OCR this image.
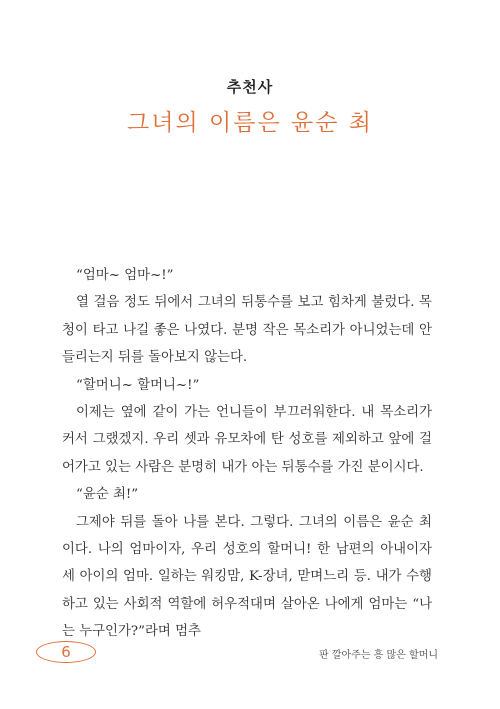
추천사
그녀의 이름은 윤순 최

“엄마~ 엄마~!”

열 걸음 정도 뒤에서 그녀의 뒤통수를 보고 힘차게 불렀다. 목청이 타고 나길 좋은 나였다. 분명 작은 목소리가 아니었는데 안 들리는지 뒤를 돌아보지 않는다.

“할머니~ 할머니~!”

이제는 옆에 같이 가는 언니들이 부끄러워한다. 내 목소리가 커서 그랬겠지. 우리 셋과 유모차에 탄 성호를 제외하고 앞에 걸어가고 있는 사람은 분명히 내가 아는 뒤통수를 가진 분이시다.

“윤순 최!”

그제야 뒤를 돌아 나를 본다. 그렇다. 그녀의 이름은 윤순 최이다. 나의 엄마이자, 우리 성호의 할머니! 한 남편의 아내이자 세 아이의 엄마. 일하는 워킹맘, K-장녀, 맏며느리 등. 내가 수행하고 있는 사회적 역할에 허우적대며 살아온 나에게 엄마는 “나는 누구인가?”라며 멈추

6	판 깔아주는 흥 많은 할머니
